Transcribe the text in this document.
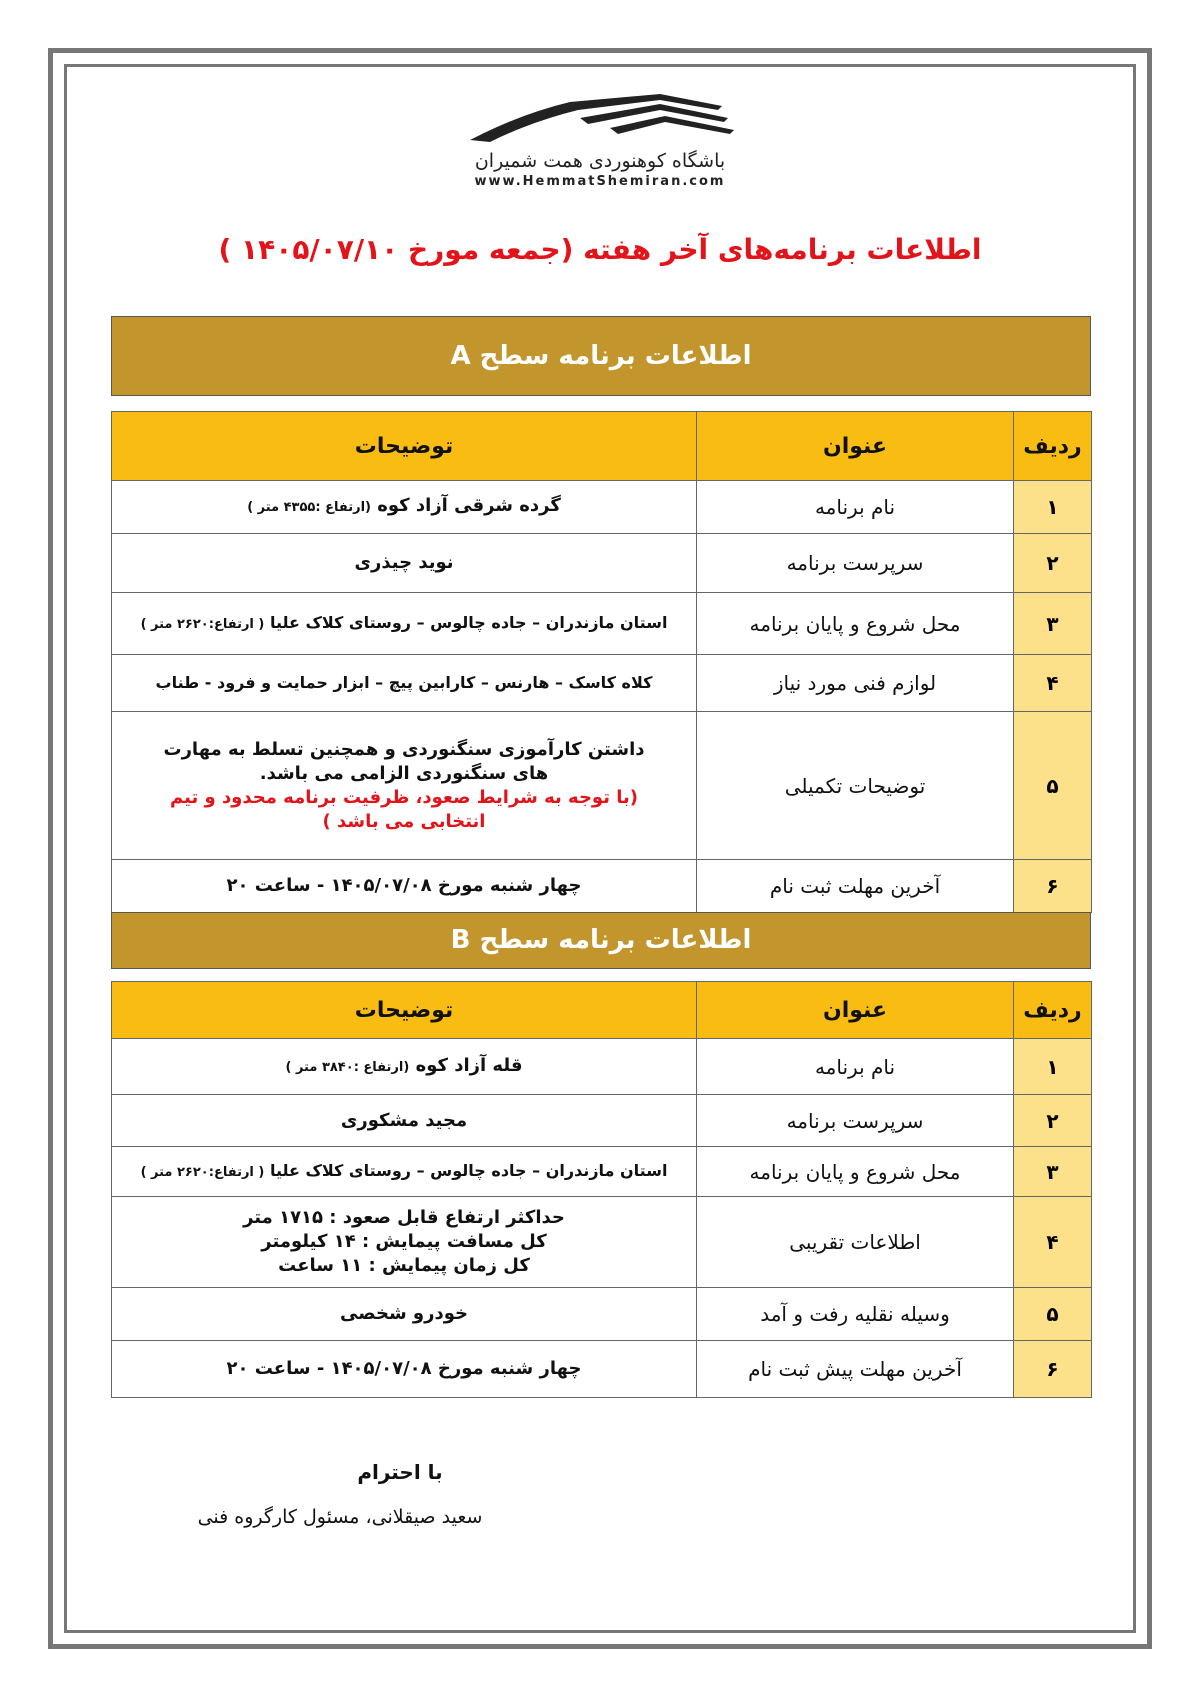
باشگاه کوهنوردی همت شمیران
www.HemmatShemiran.com
اطلاعات برنامه‌های آخر هفته (جمعه مورخ ۱۴۰۵/۰۷/۱۰ )
اطلاعات برنامه سطح A
ردیف	عنوان	توضیحات
۱	نام برنامه	گرده شرقی آزاد کوه (ارتفاع :۴۳۵۵ متر )
۲	سرپرست برنامه	نوید چیذری
۳	محل شروع و پایان برنامه	استان مازندران – جاده چالوس – روستای کلاک علیا ( ارتفاع:۲۶۲۰ متر )
۴	لوازم فنی مورد نیاز	کلاه کاسک – هارنس – کارابین پیچ – ابزار حمایت و فرود - طناب
۵	توضیحات تکمیلی	داشتن کارآموزی سنگنوردی و همچنین تسلط به مهارت های سنگنوردی الزامی می باشد.
(با توجه به شرایط صعود، ظرفیت برنامه محدود و تیم انتخابی می باشد )

۶	آخرین مهلت ثبت نام	چهار شنبه مورخ ۱۴۰۵/۰۷/۰۸ - ساعت ۲۰
اطلاعات برنامه سطح B
ردیف	عنوان	توضیحات
۱	نام برنامه	قله آزاد کوه (ارتفاع :۳۸۴۰ متر )
۲	سرپرست برنامه	مجید مشکوری
۳	محل شروع و پایان برنامه	استان مازندران – جاده چالوس – روستای کلاک علیا ( ارتفاع:۲۶۲۰ متر )
۴	اطلاعات تقریبی	حداکثر ارتفاع قابل صعود : ۱۷۱۵ متر
کل مسافت پیمایش : ۱۴ کیلومتر
کل زمان پیمایش : ۱۱ ساعت

۵	وسیله نقلیه رفت و آمد	خودرو شخصی
۶	آخرین مهلت پیش ثبت نام	چهار شنبه مورخ ۱۴۰۵/۰۷/۰۸ - ساعت ۲۰
با احترام
سعید صیقلانی، مسئول کارگروه فنی
